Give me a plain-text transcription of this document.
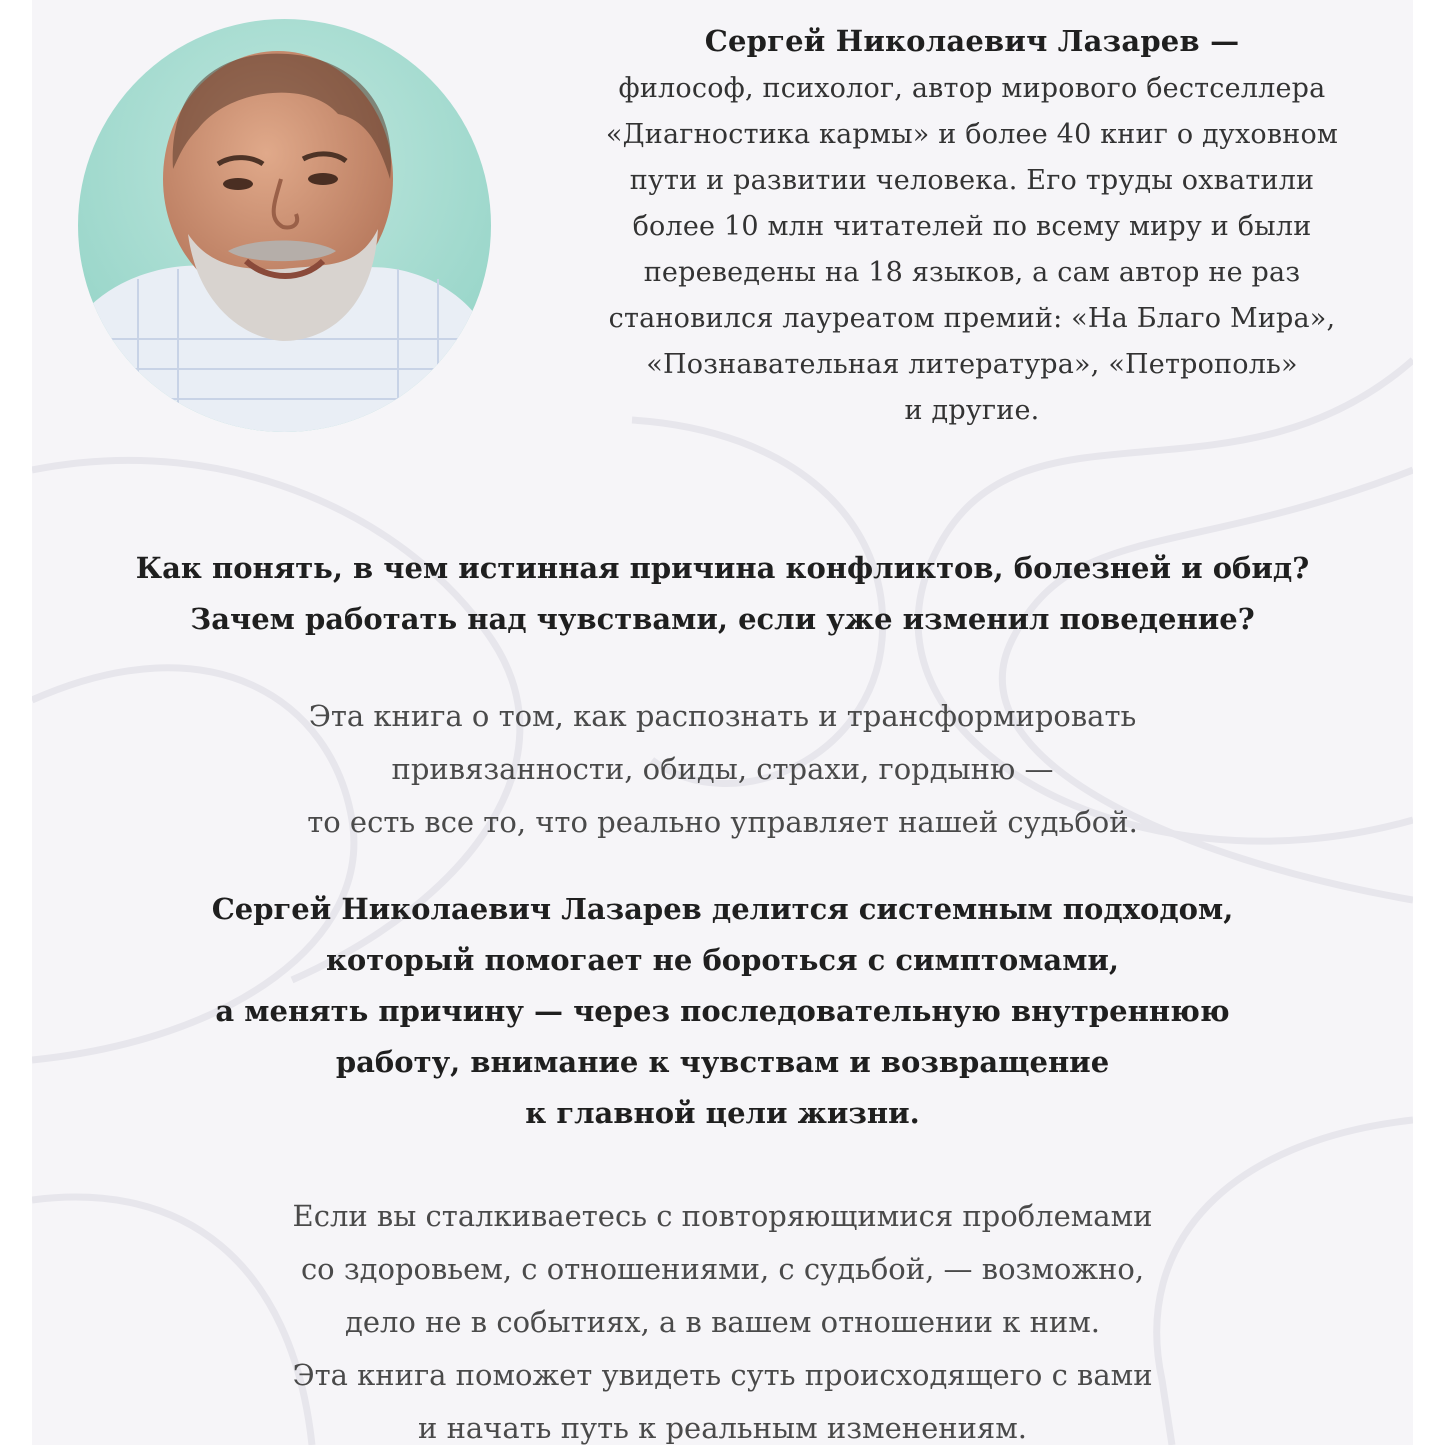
Сергей Николаевич Лазарев —
философ, психолог, автор мирового бестселлера
«Диагностика кармы» и более 40 книг о духовном
пути и развитии человека. Его труды охватили
более 10 млн читателей по всему миру и были
переведены на 18 языков, а сам автор не раз
становился лауреатом премий: «На Благо Мира»,
«Познавательная литература», «Петрополь»
и другие.
Как понять, в чем истинная причина конфликтов, болезней и обид?
Зачем работать над чувствами, если уже изменил поведение?
Эта книга о том, как распознать и трансформировать
привязанности, обиды, страхи, гордыню —
то есть все то, что реально управляет нашей судьбой.
Сергей Николаевич Лазарев делится системным подходом,
который помогает не бороться с симптомами,
а менять причину — через последовательную внутреннюю
работу, внимание к чувствам и возвращение
к главной цели жизни.
Если вы сталкиваетесь с повторяющимися проблемами
со здоровьем, с отношениями, с судьбой, — возможно,
дело не в событиях, а в вашем отношении к ним.
Эта книга поможет увидеть суть происходящего с вами
и начать путь к реальным изменениям.
